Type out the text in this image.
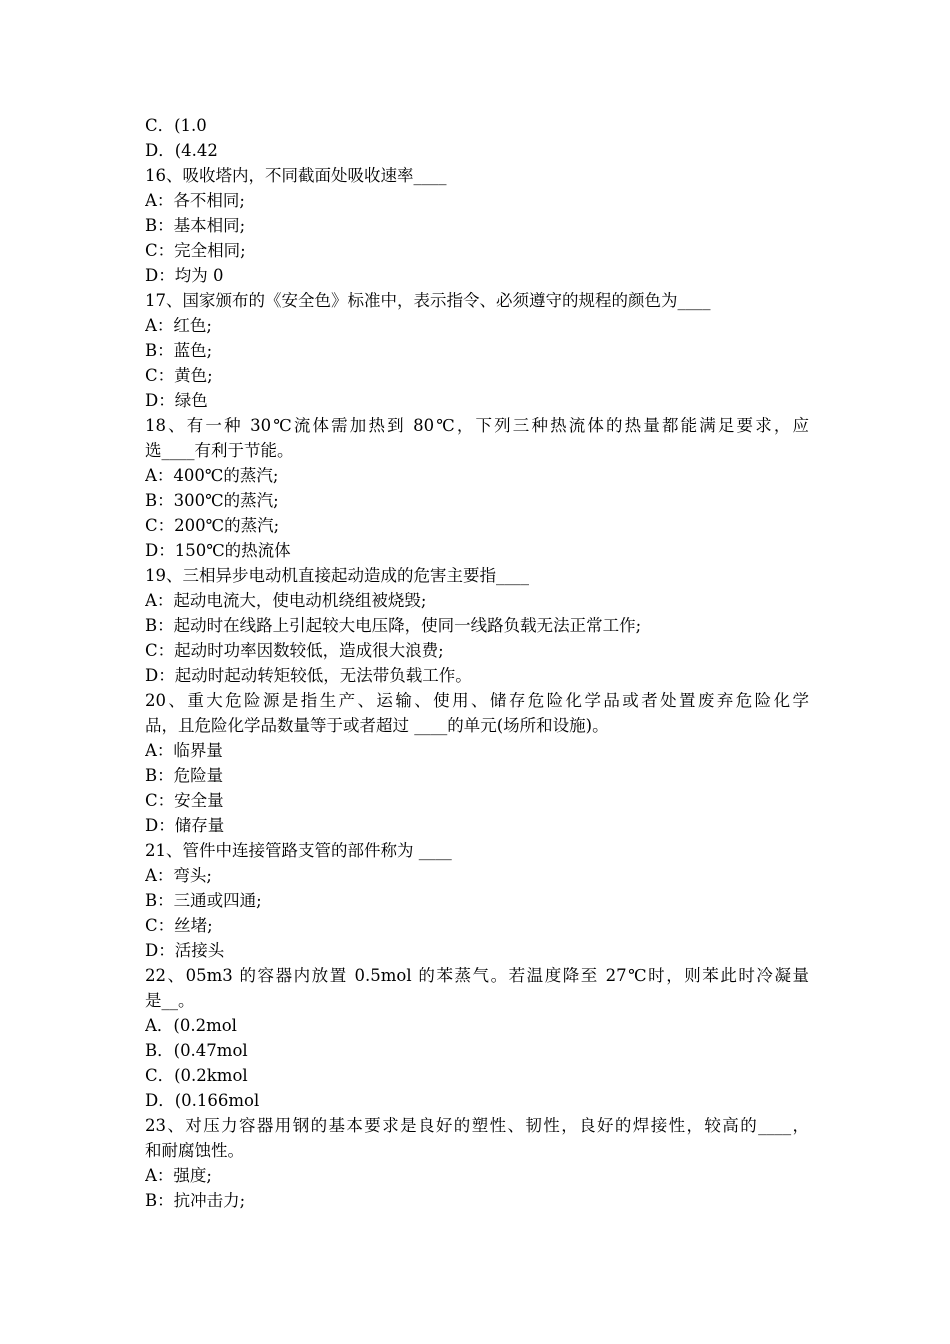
C．(1.0
D．(4.42
16、吸收塔内，不同截面处吸收速率____
A：各不相同;
B：基本相同;
C：完全相同;
D：均为 0
17、国家颁布的《安全色》标准中，表示指令、必须遵守的规程的颜色为____
A：红色;
B：蓝色;
C：黄色;
D：绿色
18、有一种 30℃流体需加热到 80℃，下列三种热流体的热量都能满足要求，应
选____有利于节能。
A：400℃的蒸汽;
B：300℃的蒸汽;
C：200℃的蒸汽;
D：150℃的热流体
19、三相异步电动机直接起动造成的危害主要指____
A：起动电流大，使电动机绕组被烧毁;
B：起动时在线路上引起较大电压降，使同一线路负载无法正常工作;
C：起动时功率因数较低，造成很大浪费;
D：起动时起动转矩较低，无法带负载工作。
20、重大危险源是指生产、运输、使用、储存危险化学品或者处置废弃危险化学
品，且危险化学品数量等于或者超过 ____的单元(场所和设施)。
A：临界量
B：危险量
C：安全量
D：储存量
21、管件中连接管路支管的部件称为 ____
A：弯头;
B：三通或四通;
C：丝堵;
D：活接头
22、05m3 的容器内放置 0.5mol 的苯蒸气。若温度降至 27℃时，则苯此时冷凝量
是__。
A．(0.2mol
B．(0.47mol
C．(0.2kmol
D．(0.166mol
23、对压力容器用钢的基本要求是良好的塑性、韧性，良好的焊接性，较高的____，
和耐腐蚀性。
A：强度;
B：抗冲击力;
